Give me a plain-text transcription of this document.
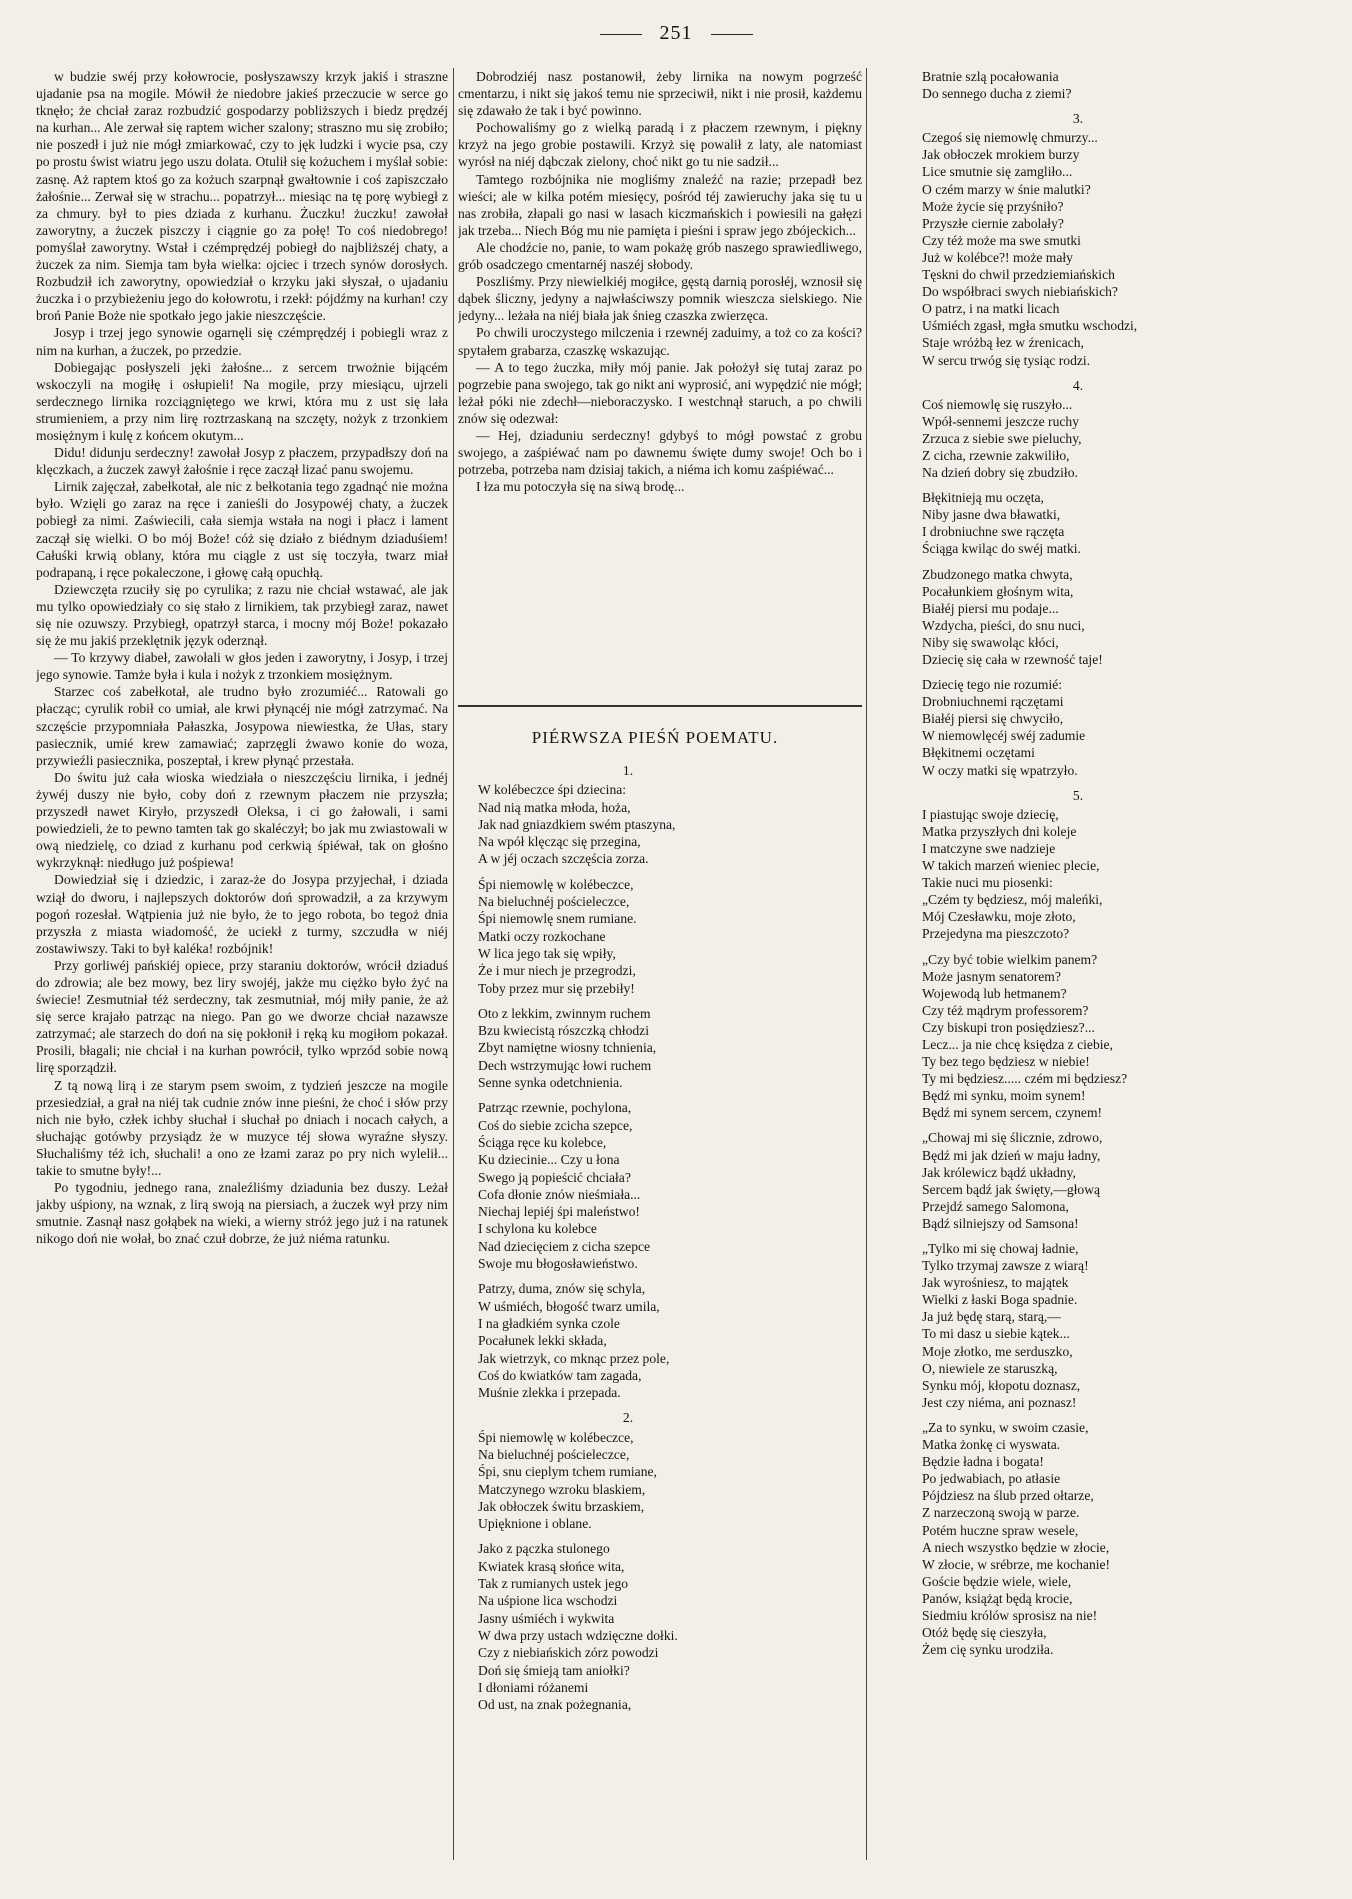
251

w budzie swéj przy kołowrocie, posłyszawszy krzyk jakiś i straszne ujadanie psa na mogile. Mówił że niedobre jakieś przeczucie w serce go tknęło; że chciał zaraz rozbudzić gospodarzy pobliższych i biedz prędzéj na kurhan... Ale zerwał się raptem wicher szalony; straszno mu się zrobiło; nie poszedł i już nie mógł zmiarkować, czy to jęk ludzki i wycie psa, czy po prostu świst wiatru jego uszu dolata. Otulił się kożuchem i myślał sobie: zasnę. Aż raptem ktoś go za kożuch szarpnął gwałtownie i coś zapiszczało żałośnie... Zerwał się w strachu... popatrzył... miesiąc na tę porę wybiegł z za chmury. był to pies dziada z kurhanu. Żuczku! żuczku! zawołał zaworytny, a żuczek piszczy i ciągnie go za połę! To coś niedobrego! pomyślał zaworytny. Wstał i czémprędzéj pobiegł do najbliższéj chaty, a żuczek za nim. Siemja tam była wielka: ojciec i trzech synów dorosłych. Rozbudził ich zaworytny, opowiedział o krzyku jaki słyszał, o ujadaniu żuczka i o przybieżeniu jego do kołowrotu, i rzekł: pójdźmy na kurhan! czy broń Panie Boże nie spotkało jego jakie nieszczęście.

Josyp i trzej jego synowie ogarnęli się czémprędzéj i pobiegli wraz z nim na kurhan, a żuczek, po przedzie.

Dobiegając posłyszeli jęki żałośne... z sercem trwożnie bijącém wskoczyli na mogiłę i osłupieli! Na mogile, przy miesiącu, ujrzeli serdecznego lirnika rozciągniętego we krwi, która mu z ust się lała strumieniem, a przy nim lirę roztrzaskaną na szczęty, nożyk z trzonkiem mosiężnym i kulę z końcem okutym...

Didu! didunju serdeczny! zawołał Josyp z płaczem, przypadłszy doń na klęczkach, a żuczek zawył żałośnie i ręce zaczął lizać panu swojemu.

Lirnik zajęczał, zabełkotał, ale nic z bełkotania tego zgadnąć nie można było. Wzięli go zaraz na ręce i zanieśli do Josypowéj chaty, a żuczek pobiegł za nimi. Zaświecili, cała siemja wstała na nogi i płacz i lament zaczął się wielki. O bo mój Boże! cóż się działo z biédnym dziaduśiem! Całuśki krwią oblany, która mu ciągle z ust się toczyła, twarz miał podrapaną, i ręce pokaleczone, i głowę całą opuchłą.

Dziewczęta rzuciły się po cyrulika; z razu nie chciał wstawać, ale jak mu tylko opowiedziały co się stało z lirnikiem, tak przybiegł zaraz, nawet się nie ozuwszy. Przybiegł, opatrzył starca, i mocny mój Boże! pokazało się że mu jakiś przeklętnik język oderznął.

— To krzywy diabeł, zawołali w głos jeden i zaworytny, i Josyp, i trzej jego synowie. Tamże była i kula i nożyk z trzonkiem mosiężnym.

Starzec coś zabełkotał, ale trudno było zrozumiéć... Ratowali go płacząc; cyrulik robił co umiał, ale krwi płynącéj nie mógł zatrzymać. Na szczęście przypomniała Pałaszka, Josypowa niewiestka, że Ułas, stary pasiecznik, umié krew zamawiać; zaprzęgli żwawo konie do woza, przywieźli pasiecznika, poszeptał, i krew płynąć przestała.

Do świtu już cała wioska wiedziała o nieszczęściu lirnika, i jednéj żywéj duszy nie było, coby doń z rzewnym płaczem nie przyszła; przyszedł nawet Kiryło, przyszedł Oleksa, i ci go żałowali, i sami powiedzieli, że to pewno tamten tak go skaléczył; bo jak mu zwiastowali w ową niedzielę, co dziad z kurhanu pod cerkwią śpiéwał, tak on głośno wykrzyknął: niedługo już pośpiewa!

Dowiedział się i dziedzic, i zaraz-że do Josypa przyjechał, i dziada wziął do dworu, i najlepszych doktorów doń sprowadził, a za krzywym pogoń rozesłał. Wątpienia już nie było, że to jego robota, bo tegoż dnia przyszła z miasta wiadomość, że uciekł z turmy, szczudła w niéj zostawiwszy. Taki to był kaléka! rozbójnik!

Przy gorliwéj pańskiéj opiece, przy staraniu doktorów, wrócił dziaduś do zdrowia; ale bez mowy, bez liry swojéj, jakże mu ciężko było żyć na świecie! Zesmutniał téż serdeczny, tak zesmutniał, mój miły panie, że aż się serce krajało patrząc na niego. Pan go we dworze chciał nazawsze zatrzymać; ale starzech do doń na się pokłonił i ręką ku mogiłom pokazał. Prosili, błagali; nie chciał i na kurhan powrócił, tylko wprzód sobie nową lirę sporządził.

Z tą nową lirą i ze starym psem swoim, z tydzień jeszcze na mogile przesiedział, a grał na niéj tak cudnie znów inne pieśni, że choć i słów przy nich nie było, człek ichby słuchał i słuchał po dniach i nocach całych, a słuchając gotówby przysiądz że w muzyce téj słowa wyraźne słyszy. Słuchaliśmy téż ich, słuchali! a ono ze łzami zaraz po pry nich wylelił... takie to smutne były!...

Po tygodniu, jednego rana, znaleźliśmy dziadunia bez duszy. Leżał jakby uśpiony, na wznak, z lirą swoją na piersiach, a żuczek wył przy nim smutnie. Zasnął nasz gołąbek na wieki, a wierny stróż jego już i na ratunek nikogo doń nie wołał, bo znać czuł dobrze, że już niéma ratunku.

Dobrodziéj nasz postanowił, żeby lirnika na nowym pogrześć cmentarzu, i nikt się jakoś temu nie sprzeciwił, nikt i nie prosił, każdemu się zdawało że tak i być powinno.

Pochowaliśmy go z wielką paradą i z płaczem rzewnym, i piękny krzyż na jego grobie postawili. Krzyż się powalił z laty, ale natomiast wyrósł na niéj dąbczak zielony, choć nikt go tu nie sadził...

Tamtego rozbójnika nie mogliśmy znaleźć na razie; przepadł bez wieści; ale w kilka potém miesięcy, pośród téj zawieruchy jaka się tu u nas zrobiła, złapali go nasi w lasach kiczmańskich i powiesili na gałęzi jak trzeba... Niech Bóg mu nie pamięta i pieśni i spraw jego zbójeckich...

Ale chodźcie no, panie, to wam pokażę grób naszego sprawiedliwego, grób osadczego cmentarnéj naszéj słobody.

Poszliśmy. Przy niewielkiéj mogiłce, gęstą darnią porosłéj, wznosił się dąbek śliczny, jedyny a najwłaściwszy pomnik wieszcza sielskiego. Nie jedyny... leżała na niéj biała jak śnieg czaszka zwierzęca.

Po chwili uroczystego milczenia i rzewnéj zaduimy, a toż co za kości? spytałem grabarza, czaszkę wskazując.

— A to tego żuczka, miły mój panie. Jak położył się tutaj zaraz po pogrzebie pana swojego, tak go nikt ani wyprosić, ani wypędzić nie mógł; leżał póki nie zdechł—nieboraczysko. I westchnął staruch, a po chwili znów się odezwał:

— Hej, dziaduniu serdeczny! gdybyś to mógł powstać z grobu swojego, a zaśpiéwać nam po dawnemu święte dumy swoje! Och bo i potrzeba, potrzeba nam dzisiaj takich, a niéma ich komu zaśpiéwać...

I łza mu potoczyła się na siwą brodę...

PIÉRWSZA PIEŚŃ POEMATU.
1.
W kolébeczce śpi dziecina:
Nad nią matka młoda, hoża,
Jak nad gniazdkiem swém ptaszyna,
Na wpół klęcząc się przegina,
A w jéj oczach szczęścia zorza.
Śpi niemowlę w kolébeczce,
Na bieluchnéj pościeleczce,
Śpi niemowlę snem rumiane.
Matki oczy rozkochane
W lica jego tak się wpiły,
Że i mur niech je przegrodzi,
Toby przez mur się przebiły!
Oto z lekkim, zwinnym ruchem
Bzu kwiecistą rószczką chłodzi
Zbyt namiętne wiosny tchnienia,
Dech wstrzymując łowi ruchem
Senne synka odetchnienia.
Patrząc rzewnie, pochylona,
Coś do siebie zcicha szepce,
Ściąga ręce ku kolebce,
Ku dziecinie... Czy u łona
Swego ją popieścić chciała?
Cofa dłonie znów nieśmiała...
Niechaj lepiéj śpi maleństwo!
I schylona ku kolebce
Nad dziecięciem z cicha szepce
Swoje mu błogosławieństwo.
Patrzy, duma, znów się schyla,
W uśmiéch, błogość twarz umila,
I na gładkiém synka czole
Pocałunek lekki składa,
Jak wietrzyk, co mknąc przez pole,
Coś do kwiatków tam zagada,
Muśnie zlekka i przepada.
2.
Śpi niemowlę w kolébeczce,
Na bieluchnéj pościeleczce,
Śpi, snu cieplym tchem rumiane,
Matczynego wzroku blaskiem,
Jak obłoczek świtu brzaskiem,
Upięknione i oblane.
Jako z pączka stulonego
Kwiatek krasą słońce wita,
Tak z rumianych ustek jego
Na uśpione lica wschodzi
Jasny uśmiéch i wykwita
W dwa przy ustach wdzięczne dołki.
Czy z niebiańskich zórz powodzi
Doń się śmieją tam aniołki?
I dłoniami różanemi
Od ust, na znak pożegnania,
Bratnie szlą pocałowania
Do sennego ducha z ziemi?
3.
Czegoś się niemowlę chmurzy...
Jak obłoczek mrokiem burzy
Lice smutnie się zamgliło...
O czém marzy w śnie malutki?
Może życie się przyśniło?
Przyszłe ciernie zabolały?
Czy téż może ma swe smutki
Już w kolébce?! może mały
Tęskni do chwil przedziemiańskich
Do współbraci swych niebiańskich?
O patrz, i na matki licach
Uśmiéch zgasł, mgła smutku wschodzi,
Staje wróżbą łez w źrenicach,
W sercu trwóg się tysiąc rodzi.
4.
Coś niemowlę się ruszyło...
Wpół-sennemi jeszcze ruchy
Zrzuca z siebie swe pieluchy,
Z cicha, rzewnie zakwiliło,
Na dzień dobry się zbudziło.
Błękitnieją mu oczęta,
Niby jasne dwa bławatki,
I drobniuchne swe rączęta
Ściąga kwiląc do swéj matki.
Zbudzonego matka chwyta,
Pocałunkiem głośnym wita,
Białéj piersi mu podaje...
Wzdycha, pieści, do snu nuci,
Niby się swawoląc kłóci,
Dziecię się cała w rzewność taje!
Dziecię tego nie rozumié:
Drobniuchnemi rączętami
Białéj piersi się chwyciło,
W niemowlęcéj swéj zadumie
Błękitnemi oczętami
W oczy matki się wpatrzyło.
5.
I piastując swoje dziecię,
Matka przyszłych dni koleje
I matczyne swe nadzieje
W takich marzeń wieniec plecie,
Takie nuci mu piosenki:
„Czém ty będziesz, mój maleńki,
Mój Czesławku, moje złoto,
Przejedyna ma pieszczoto?
„Czy być tobie wielkim panem?
Może jasnym senatorem?
Wojewodą lub hetmanem?
Czy téż mądrym professorem?
Czy biskupi tron posiędziesz?...
Lecz... ja nie chcę księdza z ciebie,
Ty bez tego będziesz w niebie!
Ty mi będziesz..... czém mi będziesz?
Będź mi synku, moim synem!
Będź mi synem sercem, czynem!
„Chowaj mi się ślicznie, zdrowo,
Będź mi jak dzień w maju ładny,
Jak królewicz bądź układny,
Sercem bądź jak święty,—głową
Przejdź samego Salomona,
Bądź silniejszy od Samsona!
„Tylko mi się chowaj ładnie,
Tylko trzymaj zawsze z wiarą!
Jak wyrośniesz, to majątek
Wielki z łaski Boga spadnie.
Ja już będę starą, starą,—
To mi dasz u siebie kątek...
Moje złotko, me serduszko,
O, niewiele ze staruszką,
Synku mój, kłopotu doznasz,
Jest czy niéma, ani poznasz!
„Za to synku, w swoim czasie,
Matka żonkę ci wyswata.
Będzie ładna i bogata!
Po jedwabiach, po atłasie
Pójdziesz na ślub przed ołtarze,
Z narzeczoną swoją w parze.
Potém huczne spraw wesele,
A niech wszystko będzie w złocie,
W złocie, w srébrze, me kochanie!
Goście będzie wiele, wiele,
Panów, książąt będą krocie,
Siedmiu królów sprosisz na nie!
Otóż będę się cieszyła,
Żem cię synku urodziła.
